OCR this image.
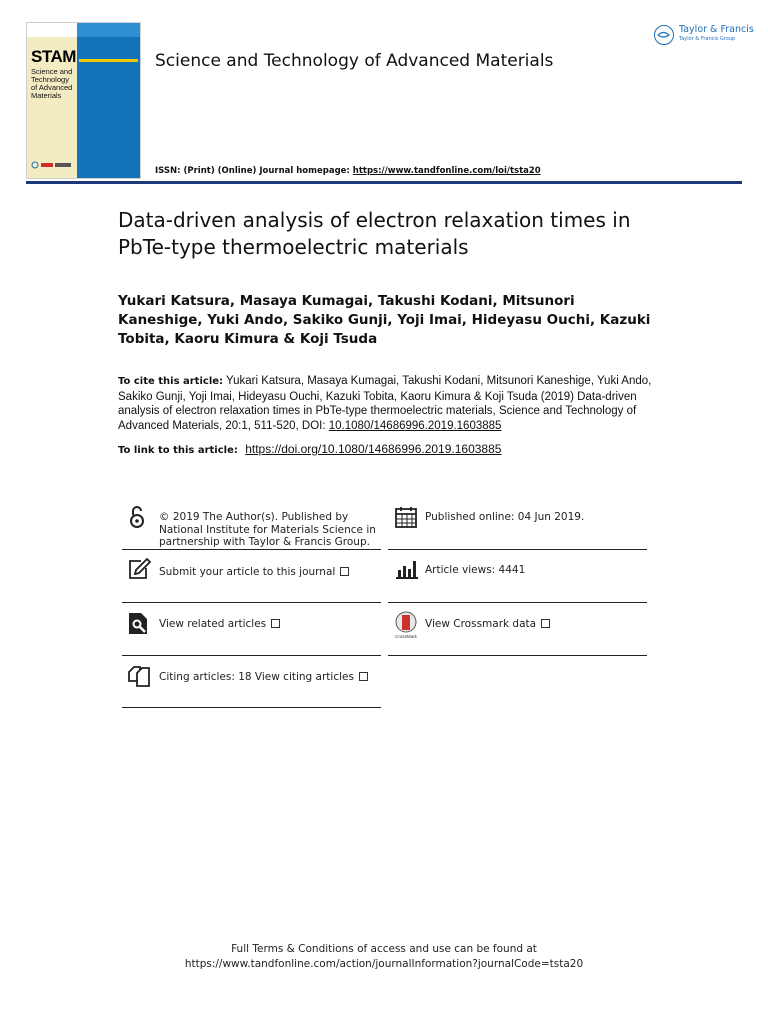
STAM
Science and Technology of Advanced Materials
Science and Technology of Advanced Materials
Taylor & Francis
Taylor & Francis Group
ISSN: (Print) (Online) Journal homepage: https://www.tandfonline.com/loi/tsta20
Data-driven analysis of electron relaxation times in PbTe-type thermoelectric materials
Yukari Katsura, Masaya Kumagai, Takushi Kodani, Mitsunori Kaneshige, Yuki Ando, Sakiko Gunji, Yoji Imai, Hideyasu Ouchi, Kazuki Tobita, Kaoru Kimura & Koji Tsuda
To cite this article: Yukari Katsura, Masaya Kumagai, Takushi Kodani, Mitsunori Kaneshige, Yuki Ando, Sakiko Gunji, Yoji Imai, Hideyasu Ouchi, Kazuki Tobita, Kaoru Kimura & Koji Tsuda (2019) Data-driven analysis of electron relaxation times in PbTe-type thermoelectric materials, Science and Technology of Advanced Materials, 20:1, 511-520, DOI: 10.1080/14686996.2019.1603885
To link to this article: https://doi.org/10.1080/14686996.2019.1603885
© 2019 The Author(s). Published by National Institute for Materials Science in partnership with Taylor & Francis Group.
Published online: 04 Jun 2019.
Submit your article to this journal	Article views: 4441
View related articles
CrossMark
View Crossmark data
Citing articles: 18 View citing articles
Full Terms & Conditions of access and use can be found at
https://www.tandfonline.com/action/journalInformation?journalCode=tsta20
